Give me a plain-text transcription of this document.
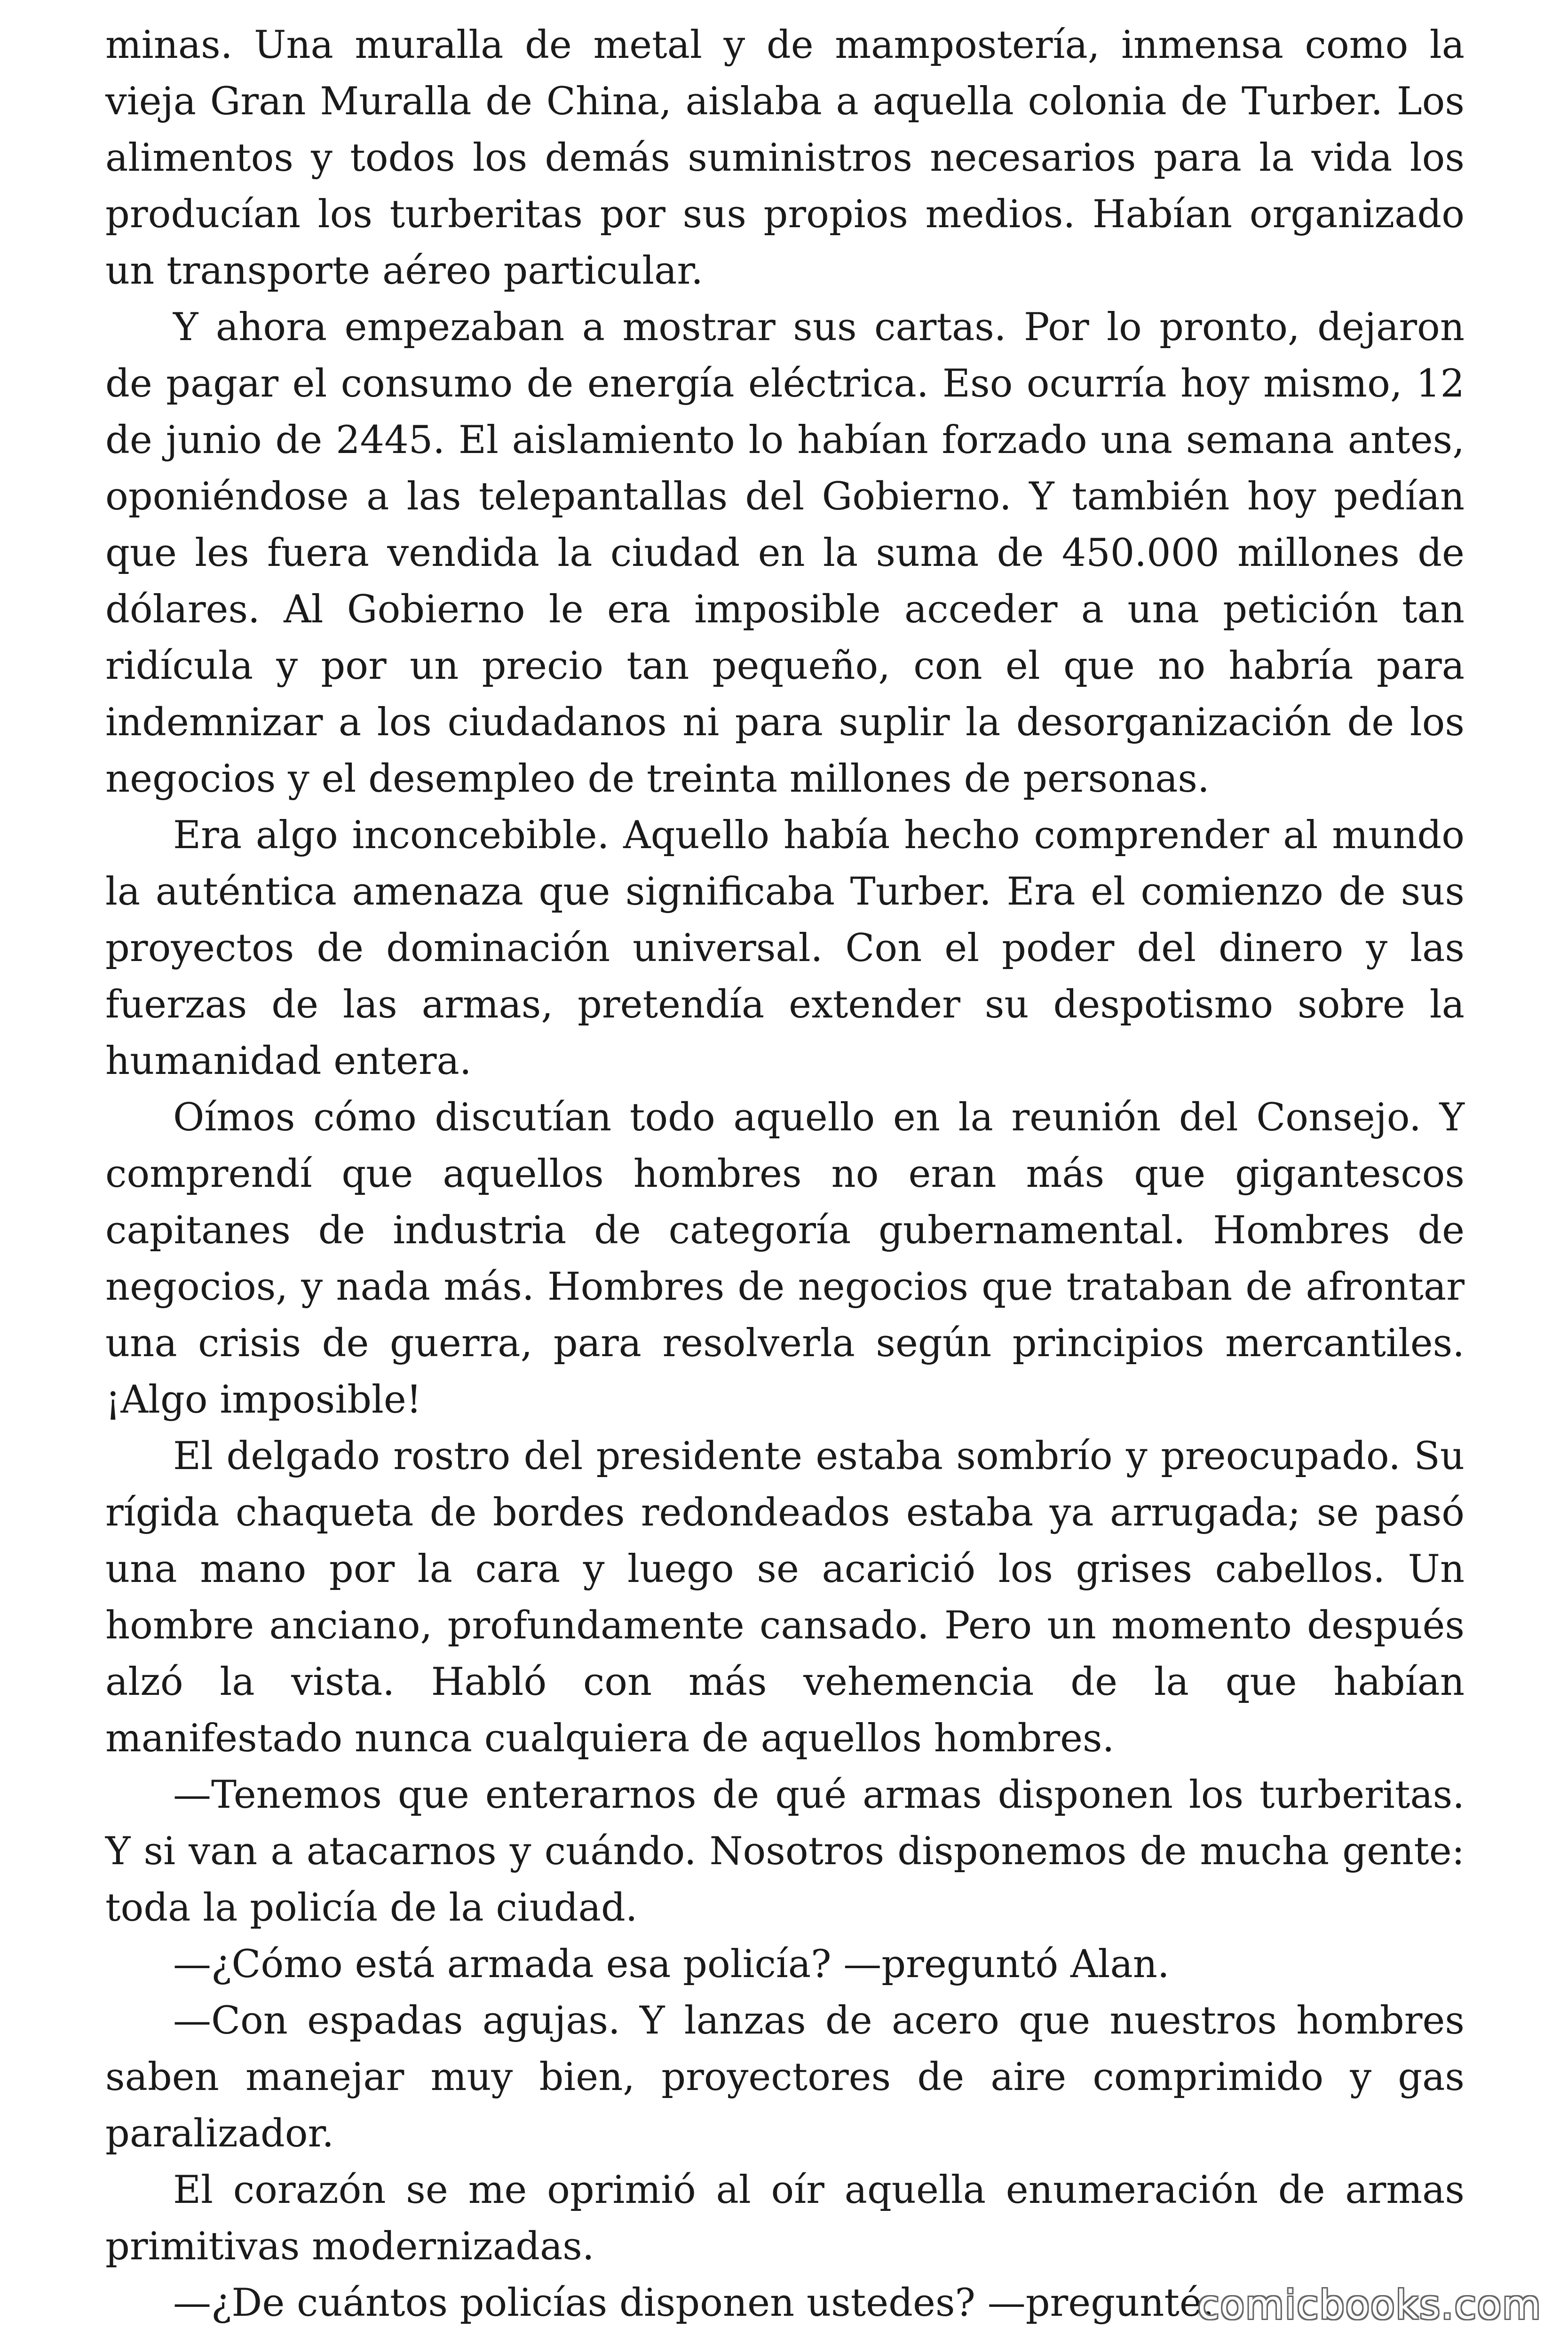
minas. Una muralla de metal y de mampostería, inmensa como la vieja Gran Muralla de China, aislaba a aquella colonia de Turber. Los alimentos y todos los demás suministros necesarios para la vida los producían los turberitas por sus propios medios. Habían organizado un transporte aéreo particular.

Y ahora empezaban a mostrar sus cartas. Por lo pronto, dejaron de pagar el consumo de energía eléctrica. Eso ocurría hoy mismo, 12 de junio de 2445. El aislamiento lo habían forzado una semana antes, oponiéndose a las telepantallas del Gobierno. Y también hoy pedían que les fuera vendida la ciudad en la suma de 450.000 millones de dólares. Al Gobierno le era imposible acceder a una petición tan ridícula y por un precio tan pequeño, con el que no habría para indemnizar a los ciudadanos ni para suplir la desorganización de los negocios y el desempleo de treinta millones de personas.

Era algo inconcebible. Aquello había hecho comprender al mundo la auténtica amenaza que significaba Turber. Era el comienzo de sus proyectos de dominación universal. Con el poder del dinero y las fuerzas de las armas, pretendía extender su despotismo sobre la humanidad entera.

Oímos cómo discutían todo aquello en la reunión del Consejo. Y comprendí que aquellos hombres no eran más que gigantescos capitanes de industria de categoría gubernamental. Hombres de negocios, y nada más. Hombres de negocios que trataban de afrontar una crisis de guerra, para resolverla según principios mercantiles. ¡Algo imposible!

El delgado rostro del presidente estaba sombrío y preocupado. Su rígida chaqueta de bordes redondeados estaba ya arrugada; se pasó una mano por la cara y luego se acarició los grises cabellos. Un hombre anciano, profundamente cansado. Pero un momento después alzó la vista. Habló con más vehemencia de la que habían manifestado nunca cualquiera de aquellos hombres.

—Tenemos que enterarnos de qué armas disponen los turberitas. Y si van a atacarnos y cuándo. Nosotros disponemos de mucha gente: toda la policía de la ciudad.

—¿Cómo está armada esa policía? —preguntó Alan.

—Con espadas agujas. Y lanzas de acero que nuestros hombres saben manejar muy bien, proyectores de aire comprimido y gas paralizador.

El corazón se me oprimió al oír aquella enumeración de armas primitivas modernizadas.

—¿De cuántos policías disponen ustedes? —pregunté.

comicbooks.com
